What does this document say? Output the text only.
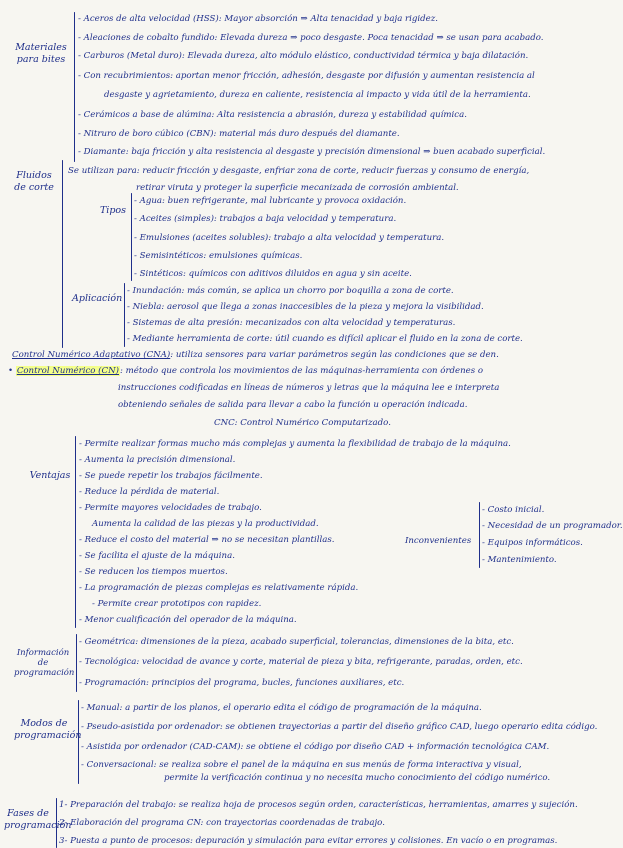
Materiales para bites
- Aceros de alta velocidad (HSS): Mayor absorción ⇒ Alta tenacidad y baja rigidez.
- Aleaciones de cobalto fundido: Elevada dureza ⇒ poco desgaste. Poca tenacidad ⇒ se usan para acabado.
- Carburos (Metal duro): Elevada dureza, alto módulo elástico, conductividad térmica y baja dilatación.
- Con recubrimientos: aportan menor fricción, adhesión, desgaste por difusión y aumentan resistencia al
desgaste y agrietamiento, dureza en caliente, resistencia al impacto y vida útil de la herramienta.
- Cerámicos a base de alúmina: Alta resistencia a abrasión, dureza y estabilidad química.
- Nitruro de boro cúbico (CBN): material más duro después del diamante.
- Diamante: baja fricción y alta resistencia al desgaste y precisión dimensional ⇒ buen acabado superficial.
Fluidos de corte
Se utilizan para: reducir fricción y desgaste, enfriar zona de corte, reducir fuerzas y consumo de energía,
retirar viruta y proteger la superficie mecanizada de corrosión ambiental.
Tipos
- Agua: buen refrigerante, mal lubricante y provoca oxidación.
- Aceites (simples): trabajos a baja velocidad y temperatura.
- Emulsiones (aceites solubles): trabajo a alta velocidad y temperatura.
- Semisintéticos: emulsiones químicas.
- Sintéticos: químicos con aditivos diluidos en agua y sin aceite.
Aplicación
- Inundación: más común, se aplica un chorro por boquilla a zona de corte.
- Niebla: aerosol que llega a zonas inaccesibles de la pieza y mejora la visibilidad.
- Sistemas de alta presión: mecanizados con alta velocidad y temperaturas.
- Mediante herramienta de corte: útil cuando es difícil aplicar el fluido en la zona de corte.
Control Numérico Adaptativo (CNA): utiliza sensores para variar parámetros según las condiciones que se den.
• Control Numérico (CN): método que controla los movimientos de las máquinas-herramienta con órdenes o
instrucciones codificadas en líneas de números y letras que la máquina lee e interpreta
obteniendo señales de salida para llevar a cabo la función u operación indicada.
CNC: Control Numérico Computarizado.
Ventajas
- Permite realizar formas mucho más complejas y aumenta la flexibilidad de trabajo de la máquina.
- Aumenta la precisión dimensional.
- Se puede repetir los trabajos fácilmente.
- Reduce la pérdida de material.
- Permite mayores velocidades de trabajo.
Aumenta la calidad de las piezas y la productividad.
- Reduce el costo del material ⇒ no se necesitan plantillas.
- Se facilita el ajuste de la máquina.
- Se reducen los tiempos muertos.
- La programación de piezas complejas es relativamente rápida.
- Permite crear prototipos con rapidez.
- Menor cualificación del operador de la máquina.
Inconvenientes
- Costo inicial.
- Necesidad de un programador.
- Equipos informáticos.
- Mantenimiento.
Información de programación
- Geométrica: dimensiones de la pieza, acabado superficial, tolerancias, dimensiones de la bita, etc.
- Tecnológica: velocidad de avance y corte, material de pieza y bita, refrigerante, paradas, orden, etc.
- Programación: principios del programa, bucles, funciones auxiliares, etc.
Modos de programación
- Manual: a partir de los planos, el operario edita el código de programación de la máquina.
- Pseudo-asistida por ordenador: se obtienen trayectorias a partir del diseño gráfico CAD, luego operario edita código.
- Asistida por ordenador (CAD-CAM): se obtiene el código por diseño CAD + información tecnológica CAM.
- Conversacional: se realiza sobre el panel de la máquina en sus menús de forma interactiva y visual,
permite la verificación continua y no necesita mucho conocimiento del código numérico.
Fases de programación
1- Preparación del trabajo: se realiza hoja de procesos según orden, características, herramientas, amarres y sujeción.
2- Elaboración del programa CN: con trayectorias coordenadas de trabajo.
3- Puesta a punto de procesos: depuración y simulación para evitar errores y colisiones. En vacío o en programas.
